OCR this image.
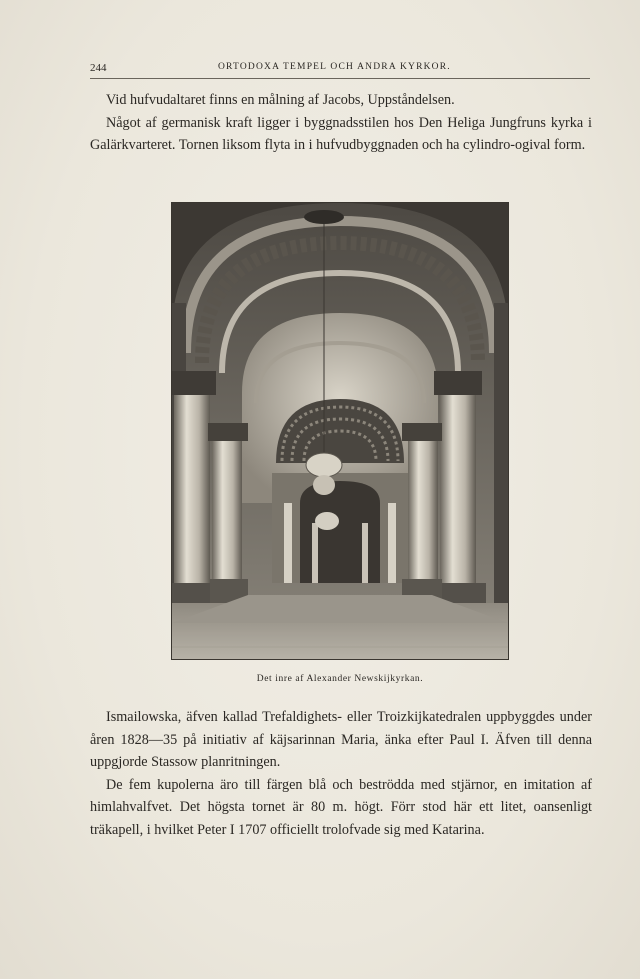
244	ORTODOXA TEMPEL OCH ANDRA KYRKOR.

Vid hufvudaltaret finns en målning af Jacobs, Uppståndelsen.

Något af germanisk kraft ligger i byggnadsstilen hos Den Heliga Jungfruns kyrka i Galärkvarteret. Tornen liksom flyta in i hufvudbyggnaden och ha cylindro-ogival form.

Det inre af Alexander Newskijkyrkan.

Ismailowska, äfven kallad Trefaldighets- eller Troizkijkatedralen uppbyggdes under åren 1828—35 på initiativ af käjsarinnan Maria, änka efter Paul I. Äfven till denna uppgjorde Stassow planritningen.

De fem kupolerna äro till färgen blå och beströdda med stjärnor, en imitation af himlahvalfvet. Det högsta tornet är 80 m. högt. Förr stod här ett litet, oansenligt träkapell, i hvilket Peter I 1707 officiellt trolofvade sig med Katarina.
